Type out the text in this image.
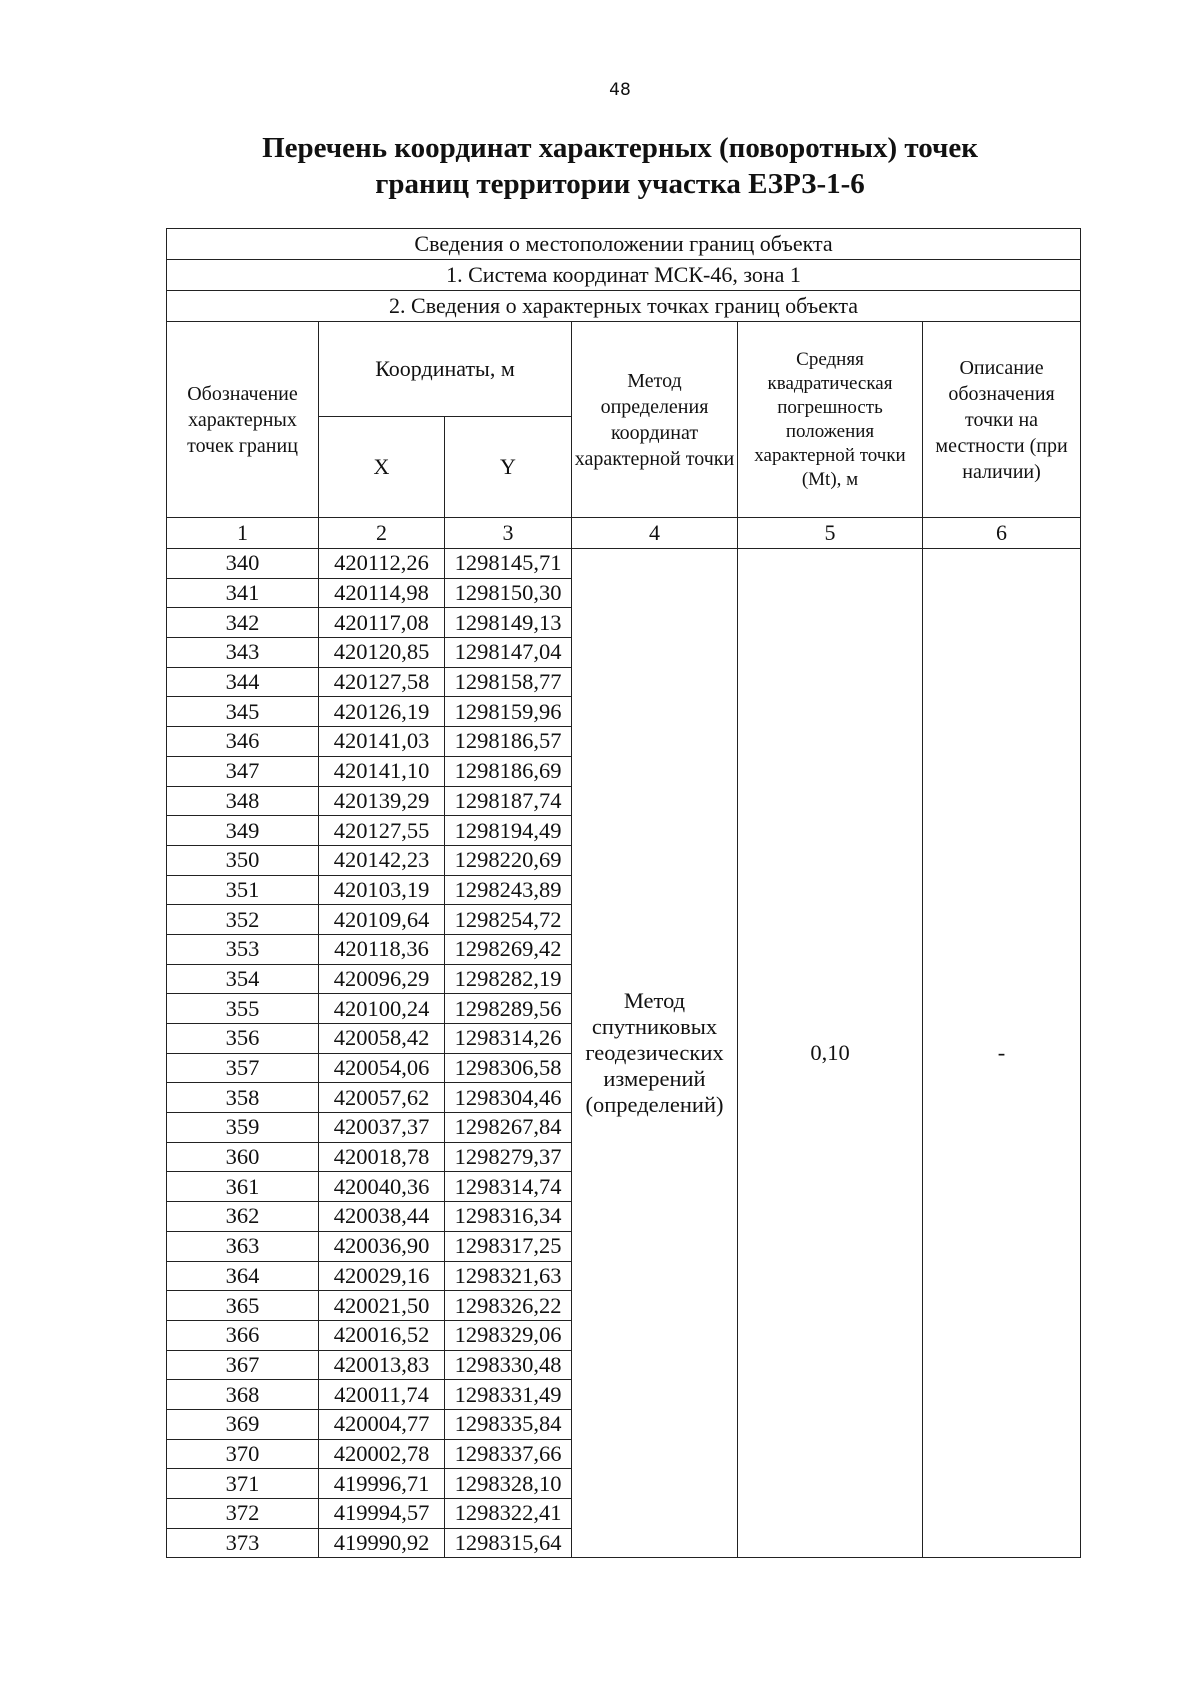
48
Перечень координат характерных (поворотных) точек
границ территории участка ЕЗРЗ-1-6
Сведения о местоположении границ объекта					
1. Система координат МСК-46, зона 1					
2. Сведения о характерных точках границ объекта					
Обозначение характерных точек границ	Координаты, м		Метод определения координат характерной точки	Средняя квадратическая погрешность положения характерной точки (Mt), м	Описание обозначения точки на местности (при наличии)
	X	Y			
1	2	3	4	5	6
340	420112,26	1298145,71	Метод спутниковых геодезических измерений (определений)	0,10	-
341	420114,98	1298150,30			
342	420117,08	1298149,13			
343	420120,85	1298147,04			
344	420127,58	1298158,77			
345	420126,19	1298159,96			
346	420141,03	1298186,57			
347	420141,10	1298186,69			
348	420139,29	1298187,74			
349	420127,55	1298194,49			
350	420142,23	1298220,69			
351	420103,19	1298243,89			
352	420109,64	1298254,72			
353	420118,36	1298269,42			
354	420096,29	1298282,19			
355	420100,24	1298289,56			
356	420058,42	1298314,26			
357	420054,06	1298306,58			
358	420057,62	1298304,46			
359	420037,37	1298267,84			
360	420018,78	1298279,37			
361	420040,36	1298314,74			
362	420038,44	1298316,34			
363	420036,90	1298317,25			
364	420029,16	1298321,63			
365	420021,50	1298326,22			
366	420016,52	1298329,06			
367	420013,83	1298330,48			
368	420011,74	1298331,49			
369	420004,77	1298335,84			
370	420002,78	1298337,66			
371	419996,71	1298328,10			
372	419994,57	1298322,41			
373	419990,92	1298315,64			
